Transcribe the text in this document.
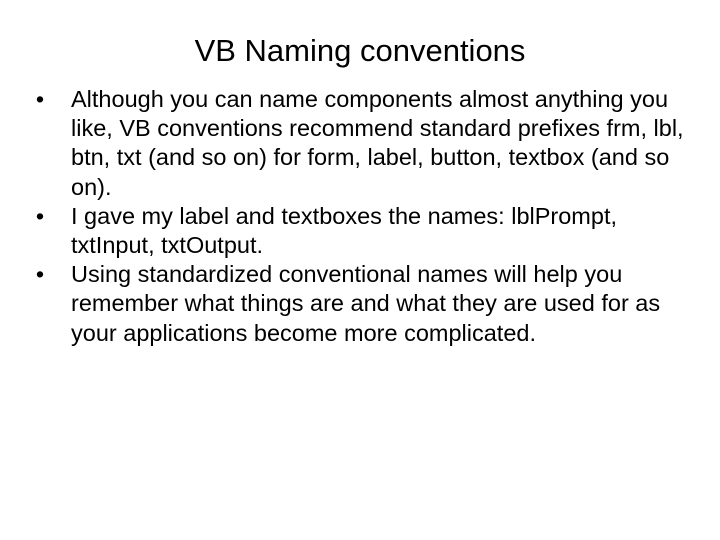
VB Naming conventions
• Although you can name components almost anything you like, VB conventions recommend standard prefixes frm, lbl, btn, txt (and so on) for form, label, button, textbox (and so on).
• I gave my label and textboxes the names: lblPrompt, txtInput, txtOutput.
• Using standardized conventional names will help you remember what things are and what they are used for as your applications become more complicated.
